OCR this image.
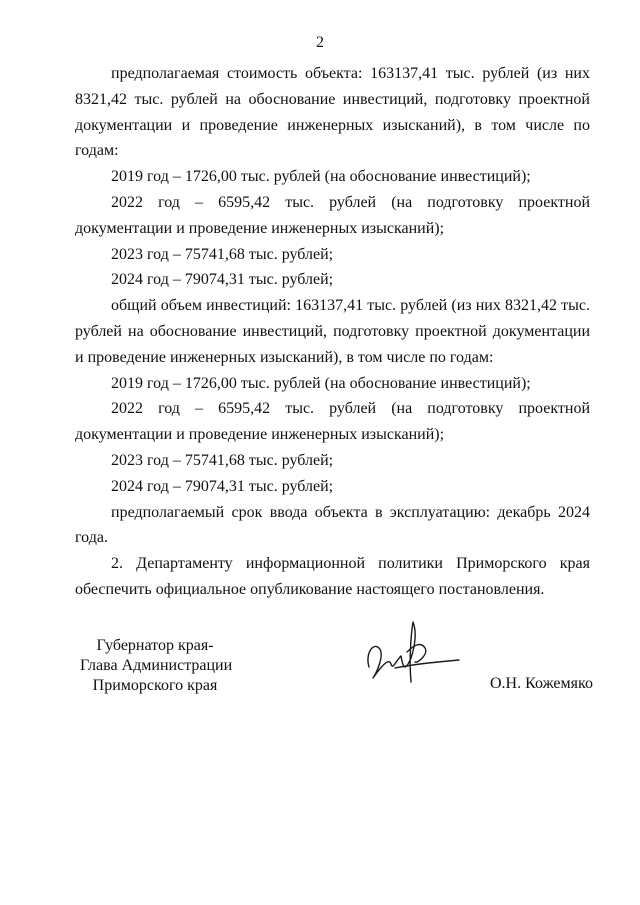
2

предполагаемая стоимость объекта: 163137,41 тыс. рублей (из них 8321,42 тыс. рублей на обоснование инвестиций, подготовку проектной документации и проведение инженерных изысканий), в том числе по годам:

2019 год – 1726,00 тыс. рублей (на обоснование инвестиций);

2022 год – 6595,42 тыс. рублей (на подготовку проектной документации и проведение инженерных изысканий);

2023 год – 75741,68 тыс. рублей;

2024 год – 79074,31 тыс. рублей;

общий объем инвестиций: 163137,41 тыс. рублей (из них 8321,42 тыс. рублей на обоснование инвестиций, подготовку проектной документации и проведение инженерных изысканий), в том числе по годам:

2019 год – 1726,00 тыс. рублей (на обоснование инвестиций);

2022 год – 6595,42 тыс. рублей (на подготовку проектной документации и проведение инженерных изысканий);

2023 год – 75741,68 тыс. рублей;

2024 год – 79074,31 тыс. рублей;

предполагаемый срок ввода объекта в эксплуатацию: декабрь 2024 года.

2. Департаменту информационной политики Приморского края обеспечить официальное опубликование настоящего постановления.

Губернатор края-
Глава Администрации
Приморского края	О.Н. Кожемяко
